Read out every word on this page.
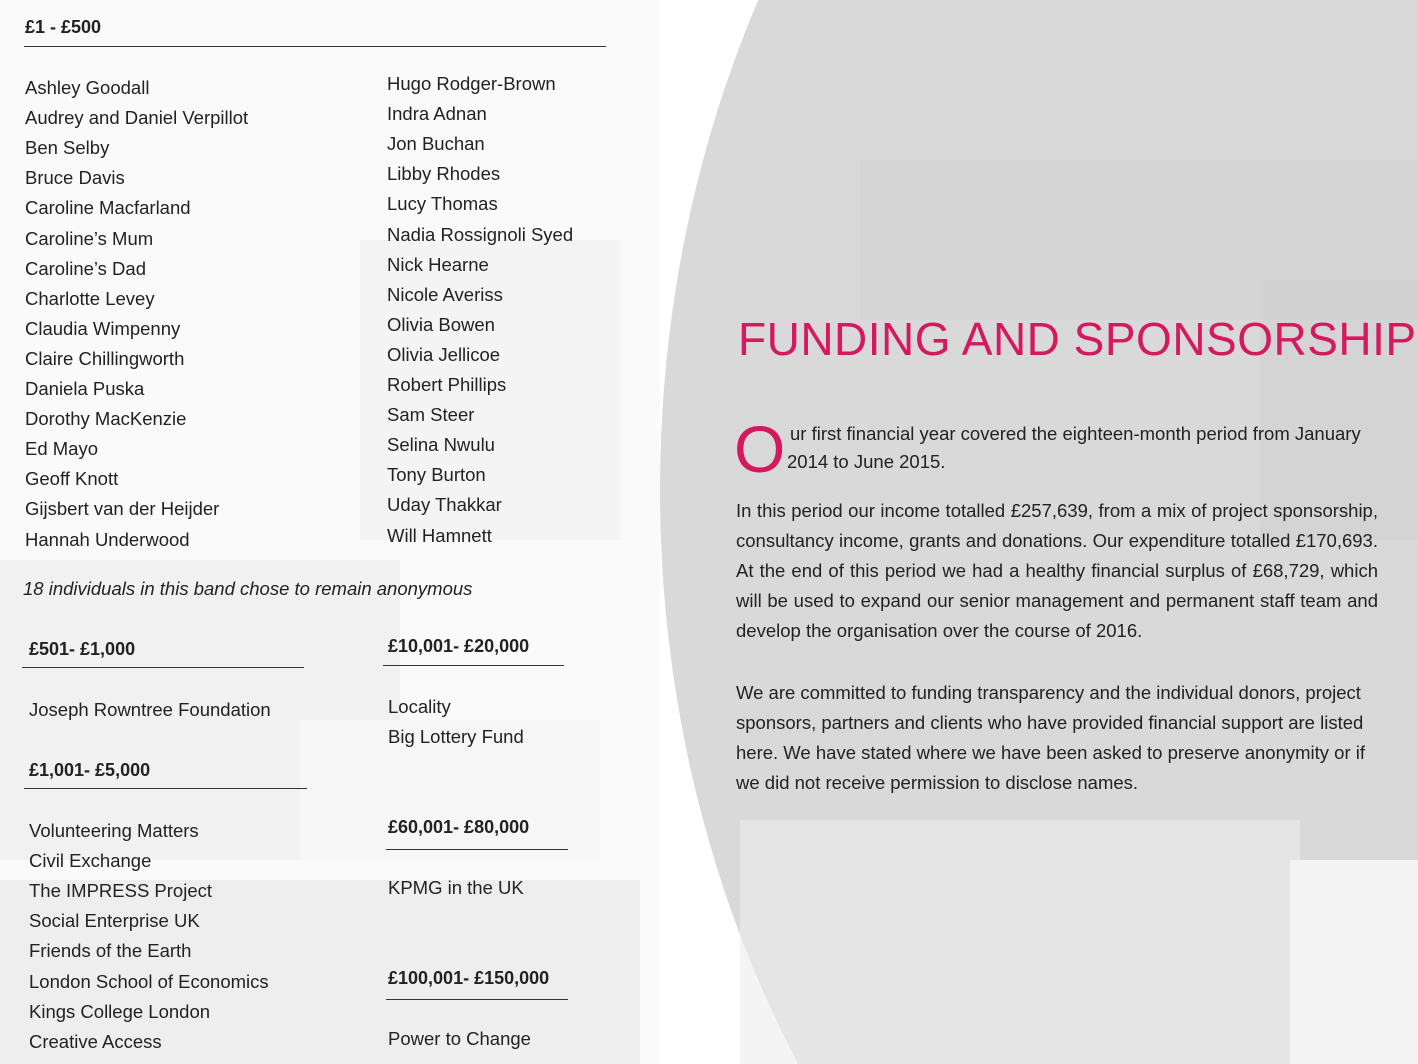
£1 - £500
Ashley Goodall
Audrey and Daniel Verpillot
Ben Selby
Bruce Davis
Caroline Macfarland
Caroline’s Mum
Caroline’s Dad
Charlotte Levey
Claudia Wimpenny
Claire Chillingworth
Daniela Puska
Dorothy MacKenzie
Ed Mayo
Geoff Knott
Gijsbert van der Heijder
Hannah Underwood
Hugo Rodger-Brown
Indra Adnan
Jon Buchan
Libby Rhodes
Lucy Thomas
Nadia Rossignoli Syed
Nick Hearne
Nicole Averiss
Olivia Bowen
Olivia Jellicoe
Robert Phillips
Sam Steer
Selina Nwulu
Tony Burton
Uday Thakkar
Will Hamnett
18 individuals in this band chose to remain anonymous
£501- £1,000
Joseph Rowntree Foundation
£1,001- £5,000
Volunteering Matters
Civil Exchange
The IMPRESS Project
Social Enterprise UK
Friends of the Earth
London School of Economics
Kings College London
Creative Access
£10,001- £20,000
Locality
Big Lottery Fund
£60,001- £80,000
KPMG in the UK
£100,001- £150,000
Power to Change
FUNDING AND SPONSORSHIP
O ur first financial year covered the eighteen-month period from January
2014 to June 2015.
In this period our income totalled £257,639, from a mix of project sponsorship, consultancy income, grants and donations. Our expenditure totalled £170,693. At the end of this period we had a healthy financial surplus of £68,729, which will be used to expand our senior management and permanent staff team and develop the organisation over the course of 2016.
We are committed to funding transparency and the individual donors, project sponsors, partners and clients who have provided financial support are listed here. We have stated where we have been asked to preserve anonymity or if we did not receive permission to disclose names.
